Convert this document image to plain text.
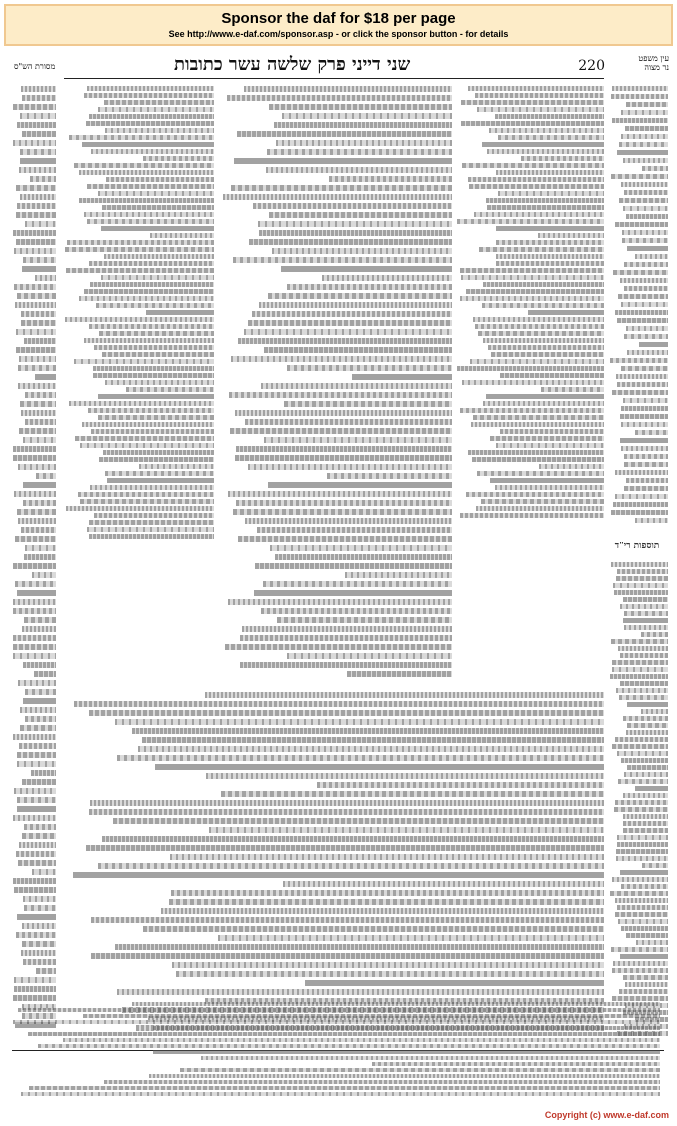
Sponsor the daf for $18 per page
See http://www.e-daf.com/sponsor.asp - or click the sponsor button - for details
מסורת הש"ס	שני דייני פרק שלשה עשר כתובות	220	עין משפט
נר מצוה
תוספות רי"ד
Copyright (c) www.e-daf.com
